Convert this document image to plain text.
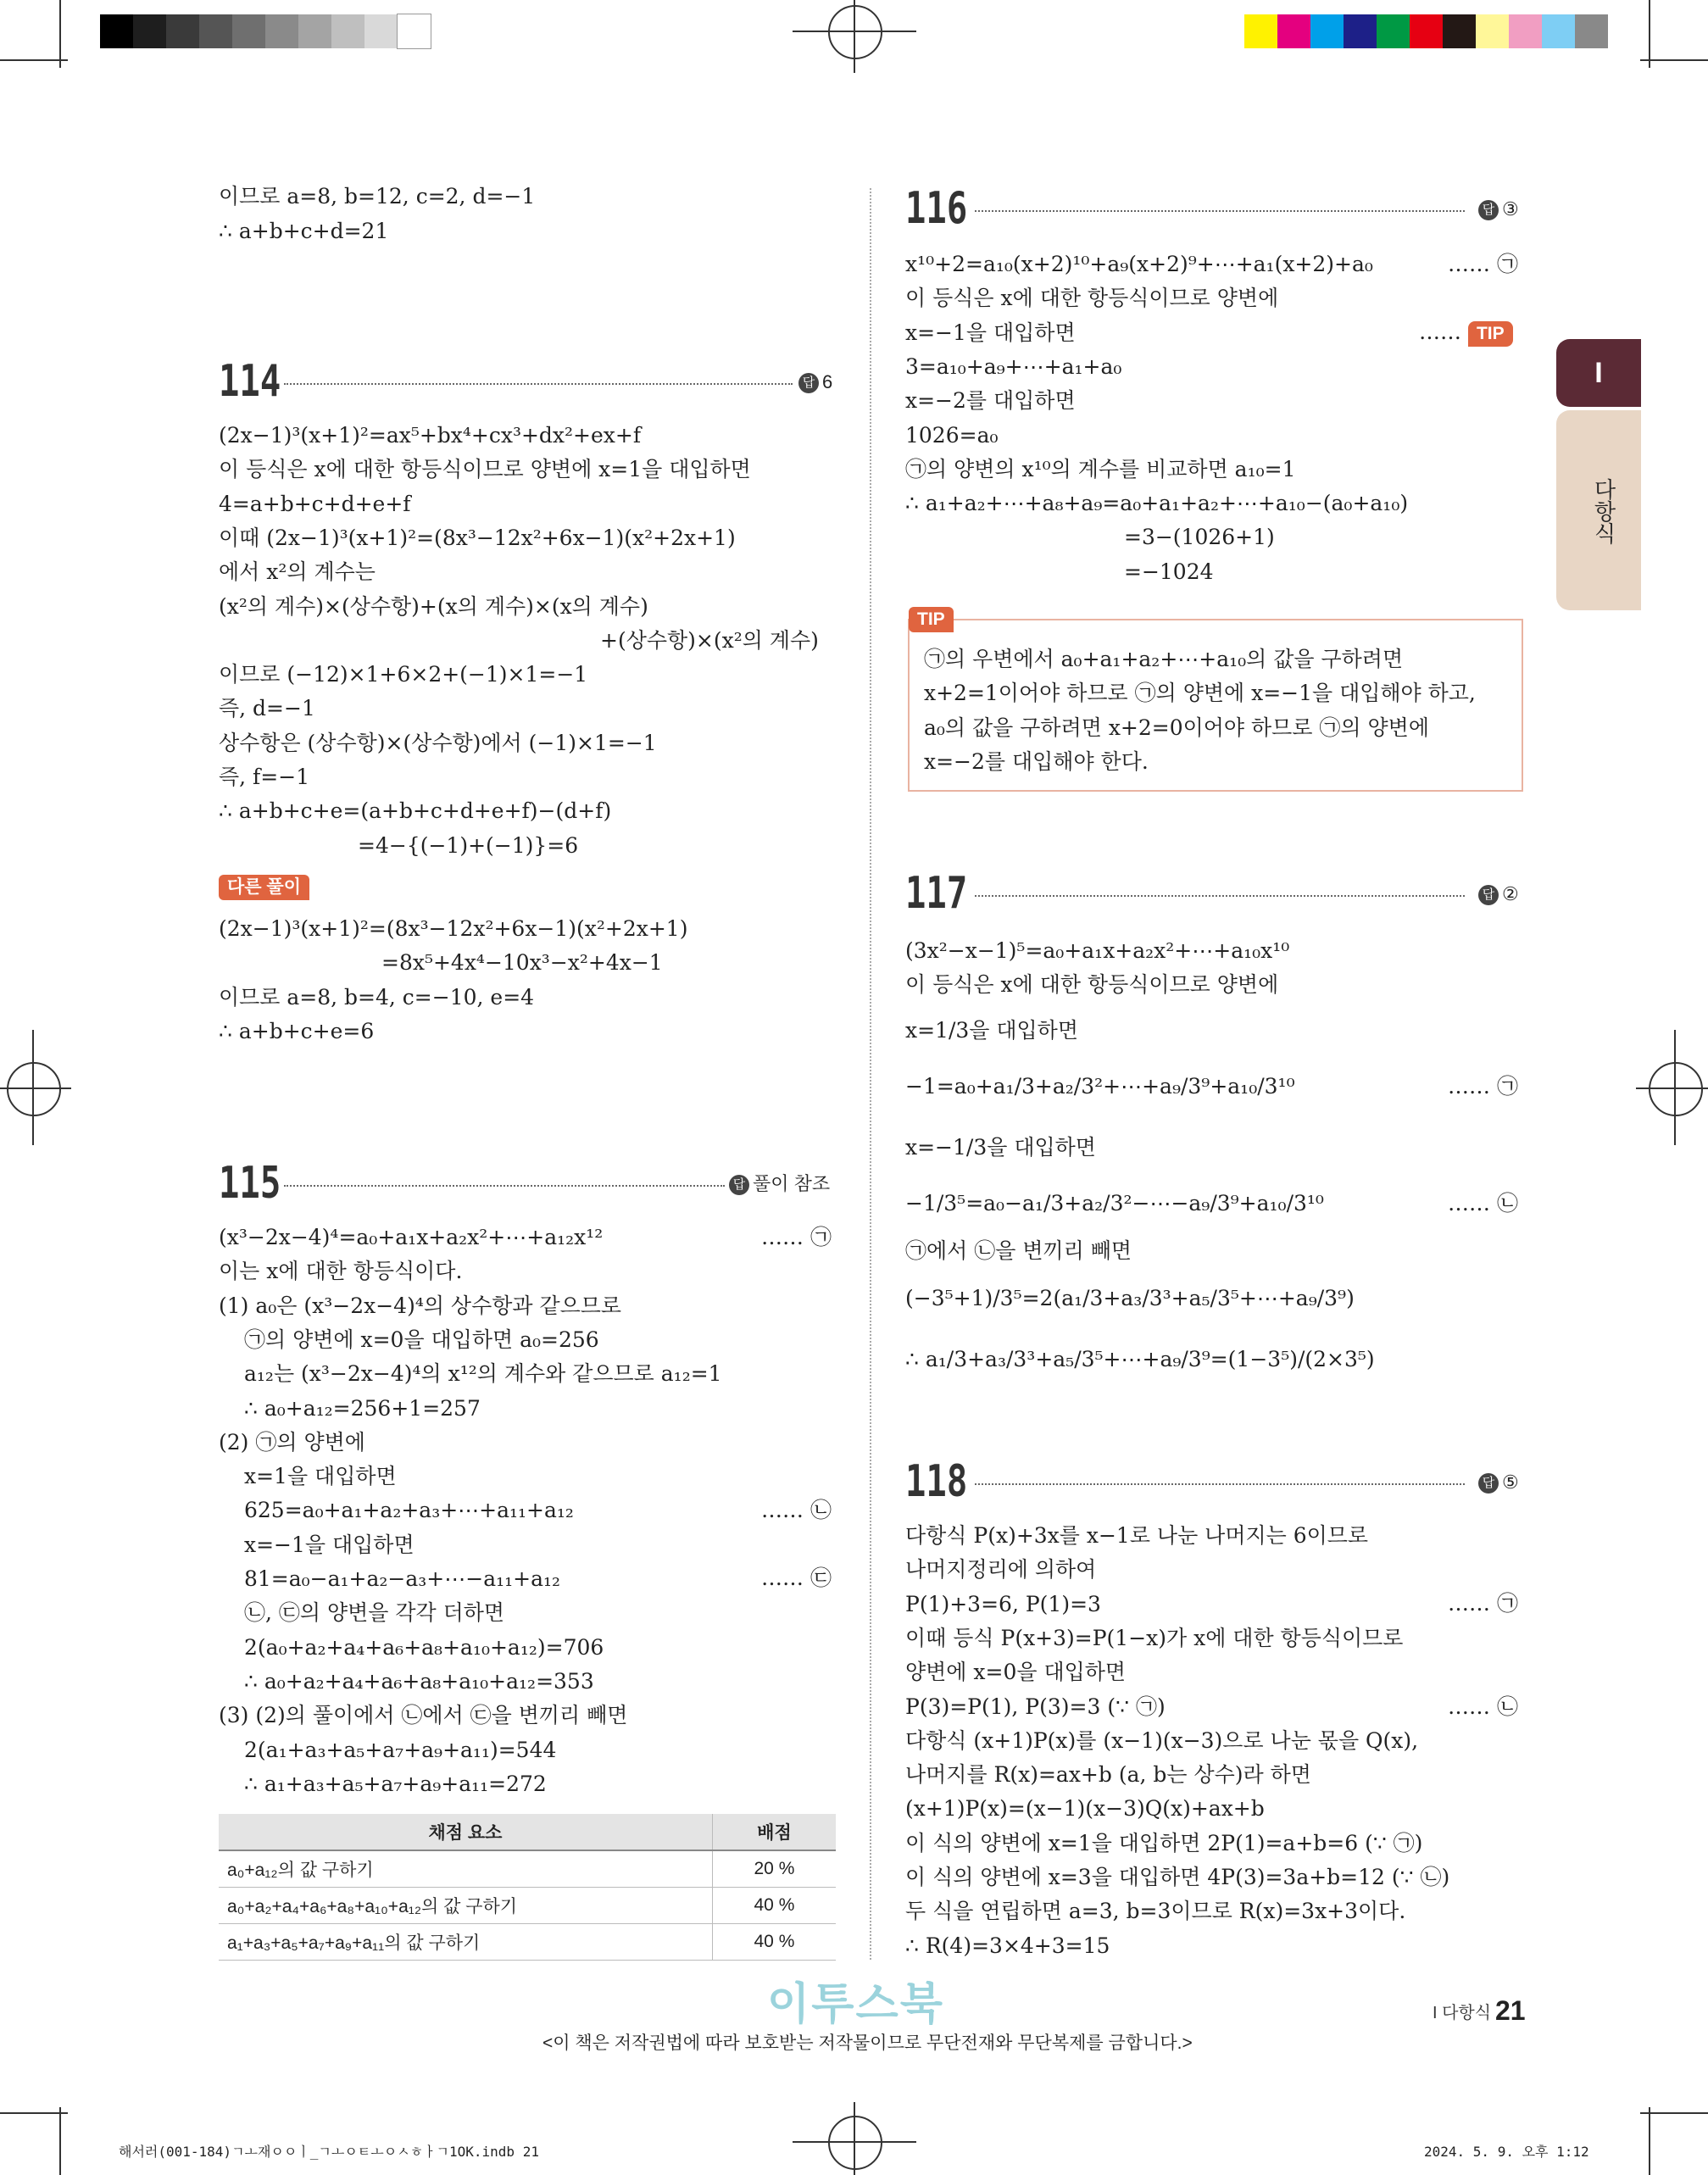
I
다항식
이므로 a=8, b=12, c=2, d=−1
∴ a+b+c+d=21
114	답 6
(2x−1)³(x+1)²=ax⁵+bx⁴+cx³+dx²+ex+f
이 등식은 x에 대한 항등식이므로 양변에 x=1을 대입하면
4=a+b+c+d+e+f
이때 (2x−1)³(x+1)²=(8x³−12x²+6x−1)(x²+2x+1)
에서 x²의 계수는
(x²의 계수)×(상수항)+(x의 계수)×(x의 계수)
+(상수항)×(x²의 계수)
이므로 (−12)×1+6×2+(−1)×1=−1
즉, d=−1
상수항은 (상수항)×(상수항)에서 (−1)×1=−1
즉, f=−1
∴ a+b+c+e=(a+b+c+d+e+f)−(d+f)
=4−{(−1)+(−1)}=6
다른 풀이
(2x−1)³(x+1)²=(8x³−12x²+6x−1)(x²+2x+1)
=8x⁵+4x⁴−10x³−x²+4x−1
이므로 a=8, b=4, c=−10, e=4
∴ a+b+c+e=6
115	답 풀이 참조
(x³−2x−4)⁴=a₀+a₁x+a₂x²+⋯+a₁₂x¹²
이는 x에 대한 항등식이다.
(1) a₀은 (x³−2x−4)⁴의 상수항과 같으므로
㉠의 양변에 x=0을 대입하면 a₀=256
a₁₂는 (x³−2x−4)⁴의 x¹²의 계수와 같으므로 a₁₂=1
∴ a₀+a₁₂=256+1=257
(2) ㉠의 양변에
x=1을 대입하면
625=a₀+a₁+a₂+a₃+⋯+a₁₁+a₁₂
x=−1을 대입하면
81=a₀−a₁+a₂−a₃+⋯−a₁₁+a₁₂
㉡, ㉢의 양변을 각각 더하면
2(a₀+a₂+a₄+a₆+a₈+a₁₀+a₁₂)=706
∴ a₀+a₂+a₄+a₆+a₈+a₁₀+a₁₂=353
(3) (2)의 풀이에서 ㉡에서 ㉢을 변끼리 빼면
2(a₁+a₃+a₅+a₇+a₉+a₁₁)=544
∴ a₁+a₃+a₅+a₇+a₉+a₁₁=272
…… ㉠
…… ㉡
…… ㉢
채점 요소	배점
a₀+a₁₂의 값 구하기	20 %
a₀+a₂+a₄+a₆+a₈+a₁₀+a₁₂의 값 구하기	40 %
a₁+a₃+a₅+a₇+a₉+a₁₁의 값 구하기	40 %
116	답 ③
x¹⁰+2=a₁₀(x+2)¹⁰+a₉(x+2)⁹+⋯+a₁(x+2)+a₀
이 등식은 x에 대한 항등식이므로 양변에
x=−1을 대입하면
3=a₁₀+a₉+⋯+a₁+a₀
x=−2를 대입하면
1026=a₀
㉠의 양변의 x¹⁰의 계수를 비교하면 a₁₀=1
∴ a₁+a₂+⋯+a₈+a₉=a₀+a₁+a₂+⋯+a₁₀−(a₀+a₁₀)
=3−(1026+1)
=−1024
…… ㉠
…… TIP
TIP
㉠의 우변에서 a₀+a₁+a₂+⋯+a₁₀의 값을 구하려면
x+2=1이어야 하므로 ㉠의 양변에 x=−1을 대입해야 하고,
a₀의 값을 구하려면 x+2=0이어야 하므로 ㉠의 양변에
x=−2를 대입해야 한다.
117	답 ②
(3x²−x−1)⁵=a₀+a₁x+a₂x²+⋯+a₁₀x¹⁰
이 등식은 x에 대한 항등식이므로 양변에
x=1/3을 대입하면
−1=a₀+a₁/3+a₂/3²+⋯+a₉/3⁹+a₁₀/3¹⁰
x=−1/3을 대입하면
−1/3⁵=a₀−a₁/3+a₂/3²−⋯−a₉/3⁹+a₁₀/3¹⁰
㉠에서 ㉡을 변끼리 빼면
(−3⁵+1)/3⁵=2(a₁/3+a₃/3³+a₅/3⁵+⋯+a₉/3⁹)
∴ a₁/3+a₃/3³+a₅/3⁵+⋯+a₉/3⁹=(1−3⁵)/(2×3⁵)
…… ㉠
…… ㉡
118	답 ⑤
다항식 P(x)+3x를 x−1로 나눈 나머지는 6이므로
나머지정리에 의하여
P(1)+3=6, P(1)=3
이때 등식 P(x+3)=P(1−x)가 x에 대한 항등식이므로
양변에 x=0을 대입하면
P(3)=P(1), P(3)=3 (∵ ㉠)
다항식 (x+1)P(x)를 (x−1)(x−3)으로 나눈 몫을 Q(x),
나머지를 R(x)=ax+b (a, b는 상수)라 하면
(x+1)P(x)=(x−1)(x−3)Q(x)+ax+b
이 식의 양변에 x=1을 대입하면 2P(1)=a+b=6 (∵ ㉠)
이 식의 양변에 x=3을 대입하면 4P(3)=3a+b=12 (∵ ㉡)
두 식을 연립하면 a=3, b=3이므로 R(x)=3x+3이다.
∴ R(4)=3×4+3=15
…… ㉠
…… ㉡
이투스북	I 다항식 21
<이 책은 저작권법에 따라 보호받는 저작물이므로 무단전재와 무단복제를 금합니다.>
해서러(001-184)ㄱㅗ재ㅇㅇㅣ_ㄱㅗㅇㅌㅗㅇㅅㅎㅏㄱ1OK.indb 21	2024. 5. 9. 오후 1:12
